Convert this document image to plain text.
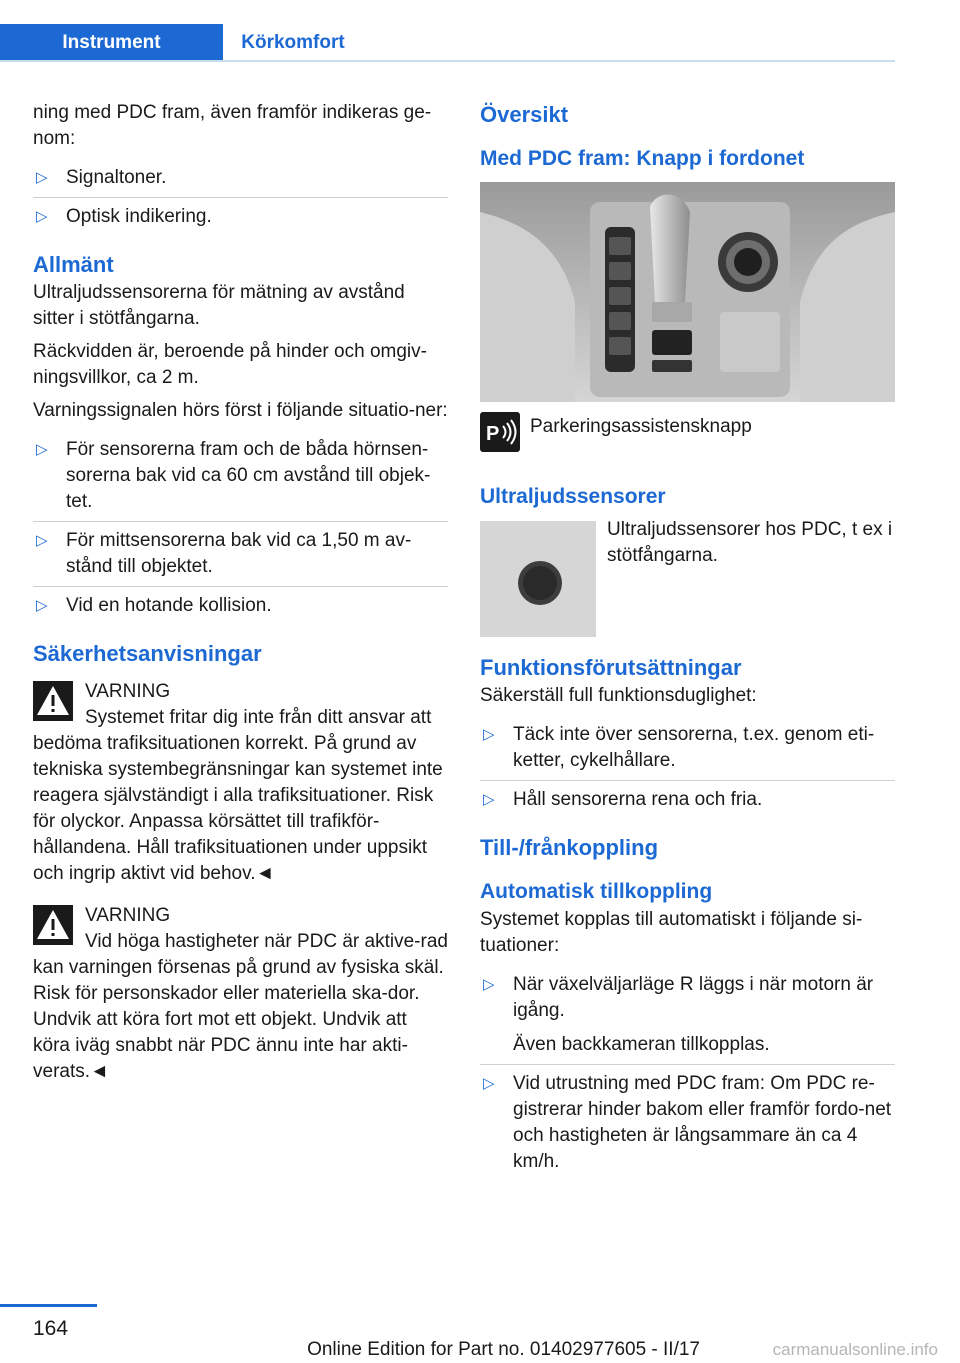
Instrument	Körkomfort

ning med PDC fram, även framför indikeras ge-nom:

▷ Signaltoner.
▷ Optisk indikering.
Allmänt

Ultraljudssensorerna för mätning av avstånd sitter i stötfångarna.

Räckvidden är, beroende på hinder och omgiv-ningsvillkor, ca 2 m.

Varningssignalen hörs först i följande situatio-ner:

▷ För sensorerna fram och de båda hörnsen-sorerna bak vid ca 60 cm avstånd till objek-tet.
▷ För mittsensorerna bak vid ca 1,50 m av-stånd till objektet.
▷ Vid en hotande kollision.
Säkerhetsanvisningar
VARNING
Systemet fritar dig inte från ditt ansvar att bedöma trafiksituationen korrekt. På grund av tekniska systembegränsningar kan systemet inte reagera självständigt i alla trafiksituationer. Risk för olyckor. Anpassa körsättet till trafikför-hållandena. Håll trafiksituationen under uppsikt och ingrip aktivt vid behov.◄
VARNING
Vid höga hastigheter när PDC är aktive-rad kan varningen försenas på grund av fysiska skäl. Risk för personskador eller materiella ska-dor. Undvik att köra fort mot ett objekt. Undvik att köra iväg snabbt när PDC ännu inte har akti-verats.◄
Översikt
Med PDC fram: Knapp i fordonet
P Parkeringsassistensknapp
Ultraljudssensorer
Ultraljudssensorer hos PDC, t ex i stötfångarna.
Funktionsförutsättningar

Säkerställ full funktionsduglighet:

▷ Täck inte över sensorerna, t.ex. genom eti-ketter, cykelhållare.
▷ Håll sensorerna rena och fria.
Till-/frånkoppling
Automatisk tillkoppling

Systemet kopplas till automatiskt i följande si-tuationer:

▷ När växelväljarläge R läggs i när motorn är igång.
Även backkameran tillkopplas.
▷ Vid utrustning med PDC fram: Om PDC re-gistrerar hinder bakom eller framför fordo-net och hastigheten är långsammare än ca 4 km/h.
164
Online Edition for Part no. 01402977605 - II/17	carmanualsonline.info
